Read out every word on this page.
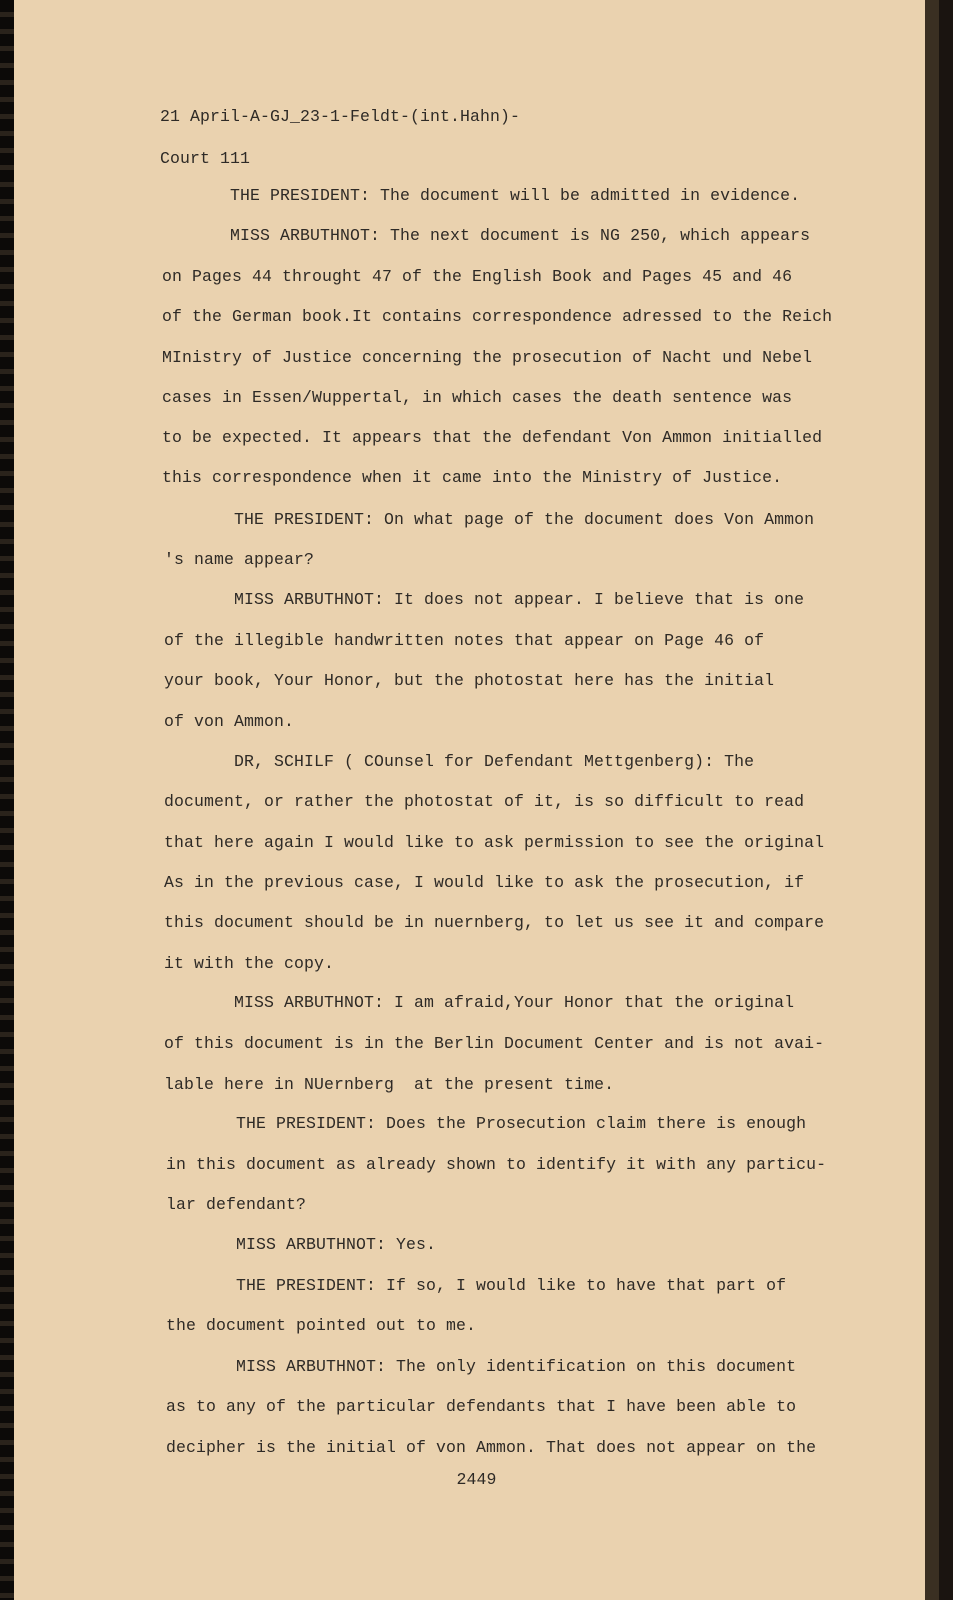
21 April-A-GJ_23-1-Feldt-(int.Hahn)-
Court 111
THE PRESIDENT: The document will be admitted in evidence.
MISS ARBUTHNOT: The next document is NG 250, which appears
on Pages 44 throught 47 of the English Book and Pages 45 and 46
of the German book.It contains correspondence adressed to the Reich
MInistry of Justice concerning the prosecution of Nacht und Nebel
cases in Essen/Wuppertal, in which cases the death sentence was
to be expected. It appears that the defendant Von Ammon initialled
this correspondence when it came into the Ministry of Justice.
THE PRESIDENT: On what page of the document does Von Ammon
's name appear?
MISS ARBUTHNOT: It does not appear. I believe that is one
of the illegible handwritten notes that appear on Page 46 of
your book, Your Honor, but the photostat here has the initial
of von Ammon.
DR, SCHILF ( COunsel for Defendant Mettgenberg): The
document, or rather the photostat of it, is so difficult to read
that here again I would like to ask permission to see the original
As in the previous case, I would like to ask the prosecution, if
this document should be in nuernberg, to let us see it and compare
it with the copy.
MISS ARBUTHNOT: I am afraid,Your Honor that the original
of this document is in the Berlin Document Center and is not avai-
lable here in NUernberg  at the present time.
THE PRESIDENT: Does the Prosecution claim there is enough
in this document as already shown to identify it with any particu-
lar defendant?
MISS ARBUTHNOT: Yes.
THE PRESIDENT: If so, I would like to have that part of
the document pointed out to me.
MISS ARBUTHNOT: The only identification on this document
as to any of the particular defendants that I have been able to
decipher is the initial of von Ammon. That does not appear on the
2449
